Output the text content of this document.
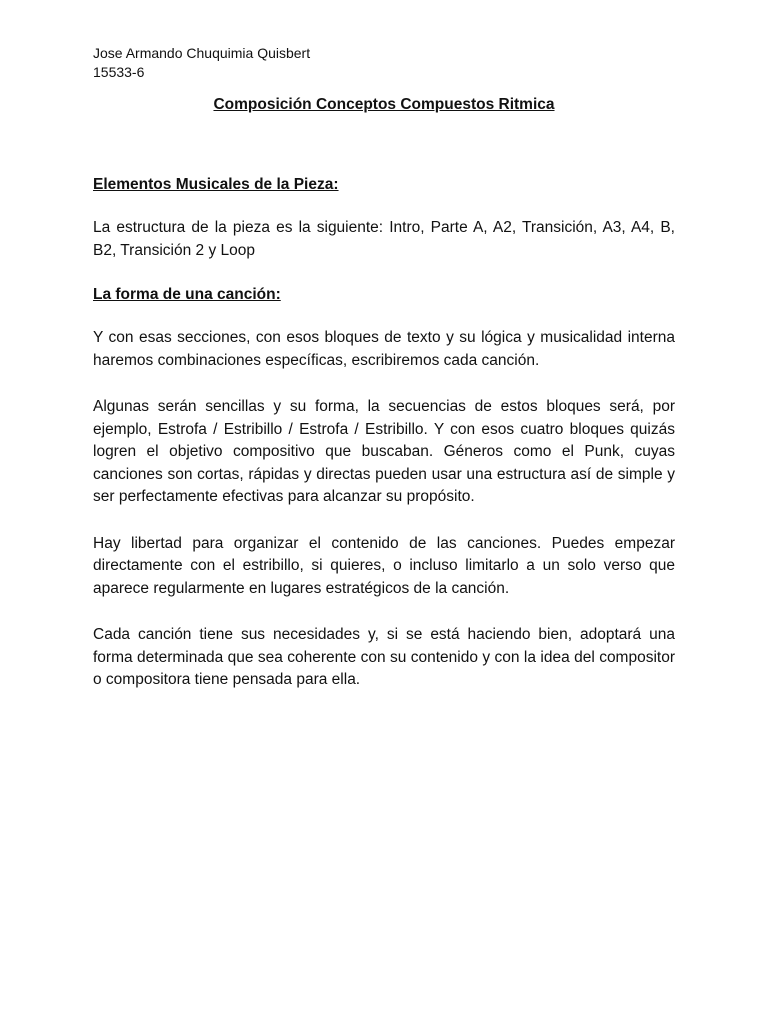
Jose Armando Chuquimia Quisbert
15533-6
Composición Conceptos Compuestos Ritmica
Elementos Musicales de la Pieza:

La estructura de la pieza es la siguiente: Intro, Parte A, A2, Transición, A3, A4, B, B2, Transición 2 y Loop

La forma de una canción:

Y con esas secciones, con esos bloques de texto y su lógica y musicalidad interna haremos combinaciones específicas, escribiremos cada canción.

Algunas serán sencillas y su forma, la secuencias de estos bloques será, por ejemplo, Estrofa / Estribillo / Estrofa / Estribillo. Y con esos cuatro bloques quizás logren el objetivo compositivo que buscaban. Géneros como el Punk, cuyas canciones son cortas, rápidas y directas pueden usar una estructura así de simple y ser perfectamente efectivas para alcanzar su propósito.

Hay libertad para organizar el contenido de las canciones. Puedes empezar directamente con el estribillo, si quieres, o incluso limitarlo a un solo verso que aparece regularmente en lugares estratégicos de la canción.

Cada canción tiene sus necesidades y, si se está haciendo bien, adoptará una forma determinada que sea coherente con su contenido y con la idea del compositor o compositora tiene pensada para ella.
